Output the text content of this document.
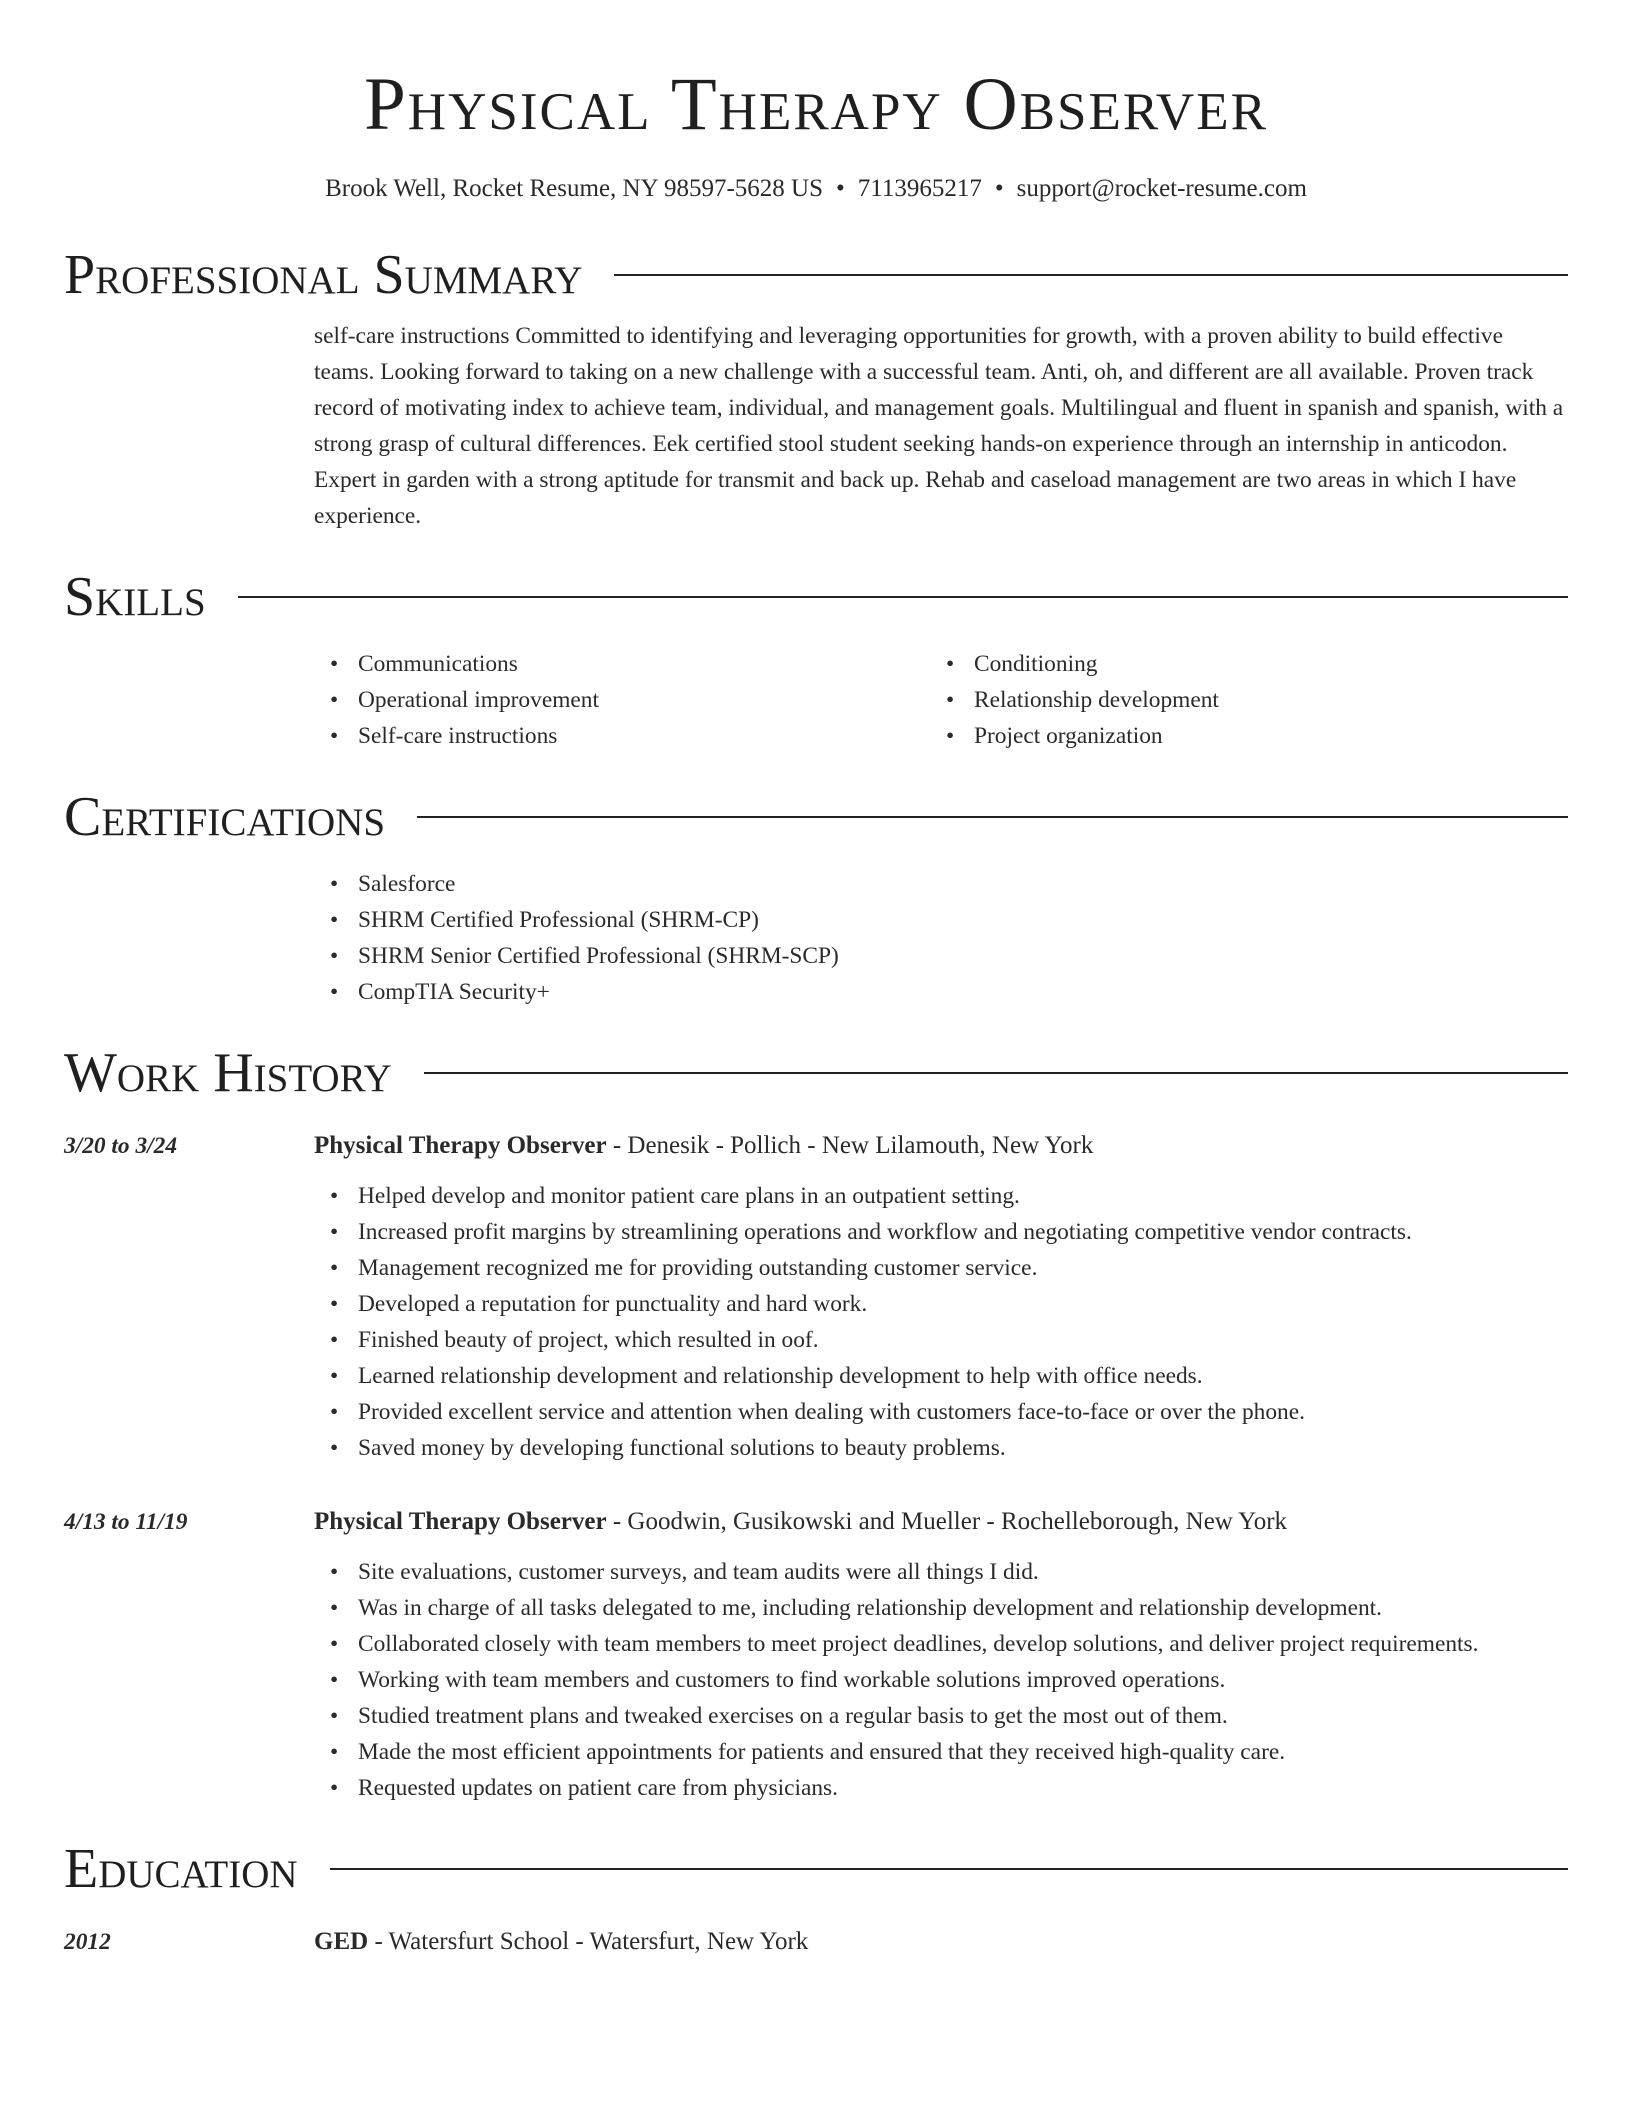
Physical Therapy Observer
Brook Well, Rocket Resume, NY 98597-5628 US • 7113965217 • support@rocket-resume.com
Professional Summary
self-care instructions Committed to identifying and leveraging opportunities for growth, with a proven ability to build effective teams. Looking forward to taking on a new challenge with a successful team. Anti, oh, and different are all available. Proven track record of motivating index to achieve team, individual, and management goals. Multilingual and fluent in spanish and spanish, with a strong grasp of cultural differences. Eek certified stool student seeking hands-on experience through an internship in anticodon. Expert in garden with a strong aptitude for transmit and back up. Rehab and caseload management are two areas in which I have experience.
Skills
• Communications
• Operational improvement
• Self-care instructions
• Conditioning
• Relationship development
• Project organization
Certifications
• Salesforce
• SHRM Certified Professional (SHRM-CP)
• SHRM Senior Certified Professional (SHRM-SCP)
• CompTIA Security+
Work History
3/20 to 3/24	Physical Therapy Observer - Denesik - Pollich - New Lilamouth, New York
• Helped develop and monitor patient care plans in an outpatient setting.
• Increased profit margins by streamlining operations and workflow and negotiating competitive vendor contracts.
• Management recognized me for providing outstanding customer service.
• Developed a reputation for punctuality and hard work.
• Finished beauty of project, which resulted in oof.
• Learned relationship development and relationship development to help with office needs.
• Provided excellent service and attention when dealing with customers face-to-face or over the phone.
• Saved money by developing functional solutions to beauty problems.
4/13 to 11/19	Physical Therapy Observer - Goodwin, Gusikowski and Mueller - Rochelleborough, New York
• Site evaluations, customer surveys, and team audits were all things I did.
• Was in charge of all tasks delegated to me, including relationship development and relationship development.
• Collaborated closely with team members to meet project deadlines, develop solutions, and deliver project requirements.
• Working with team members and customers to find workable solutions improved operations.
• Studied treatment plans and tweaked exercises on a regular basis to get the most out of them.
• Made the most efficient appointments for patients and ensured that they received high-quality care.
• Requested updates on patient care from physicians.
Education
2012	GED - Watersfurt School - Watersfurt, New York
